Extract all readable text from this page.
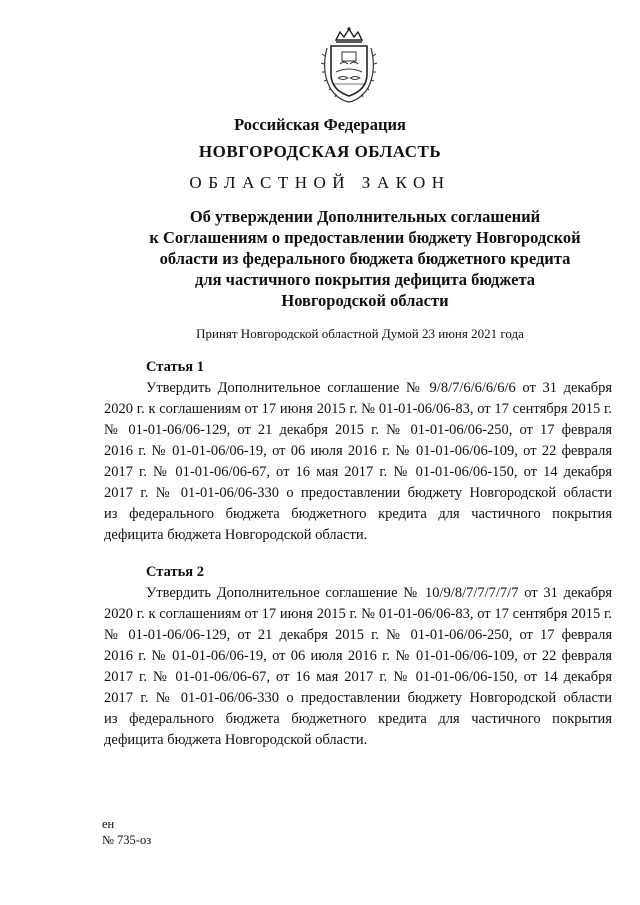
Российская Федерация
НОВГОРОДСКАЯ ОБЛАСТЬ
ОБЛАСТНОЙ ЗАКОН
Об утверждении Дополнительных соглашений
к Соглашениям о предоставлении бюджету Новгородской
области из федерального бюджета бюджетного кредита
для частичного покрытия дефицита бюджета
Новгородской области
Принят Новгородской областной Думой 23 июня 2021 года
Статья 1
Утвердить Дополнительное соглашение № 9/8/7/6/6/6/6/6 от 31 декабря
2020 г. к соглашениям от 17 июня 2015 г. № 01-01-06/06-83, от 17 сентября 2015 г.
№ 01-01-06/06-129, от 21 декабря 2015 г. № 01-01-06/06-250, от 17 февраля
2016 г. № 01-01-06/06-19, от 06 июля 2016 г. № 01-01-06/06-109, от 22 февраля
2017 г. № 01-01-06/06-67, от 16 мая 2017 г. № 01-01-06/06-150, от 14 декабря
2017 г. № 01-01-06/06-330 о предоставлении бюджету Новгородской области
из федерального бюджета бюджетного кредита для частичного покрытия
дефицита бюджета Новгородской области.
Статья 2
Утвердить Дополнительное соглашение № 10/9/8/7/7/7/7/7 от 31 декабря
2020 г. к соглашениям от 17 июня 2015 г. № 01-01-06/06-83, от 17 сентября 2015 г.
№ 01-01-06/06-129, от 21 декабря 2015 г. № 01-01-06/06-250, от 17 февраля
2016 г. № 01-01-06/06-19, от 06 июля 2016 г. № 01-01-06/06-109, от 22 февраля
2017 г. № 01-01-06/06-67, от 16 мая 2017 г. № 01-01-06/06-150, от 14 декабря
2017 г. № 01-01-06/06-330 о предоставлении бюджету Новгородской области
из федерального бюджета бюджетного кредита для частичного покрытия
дефицита бюджета Новгородской области.
ен
№ 735-оз
